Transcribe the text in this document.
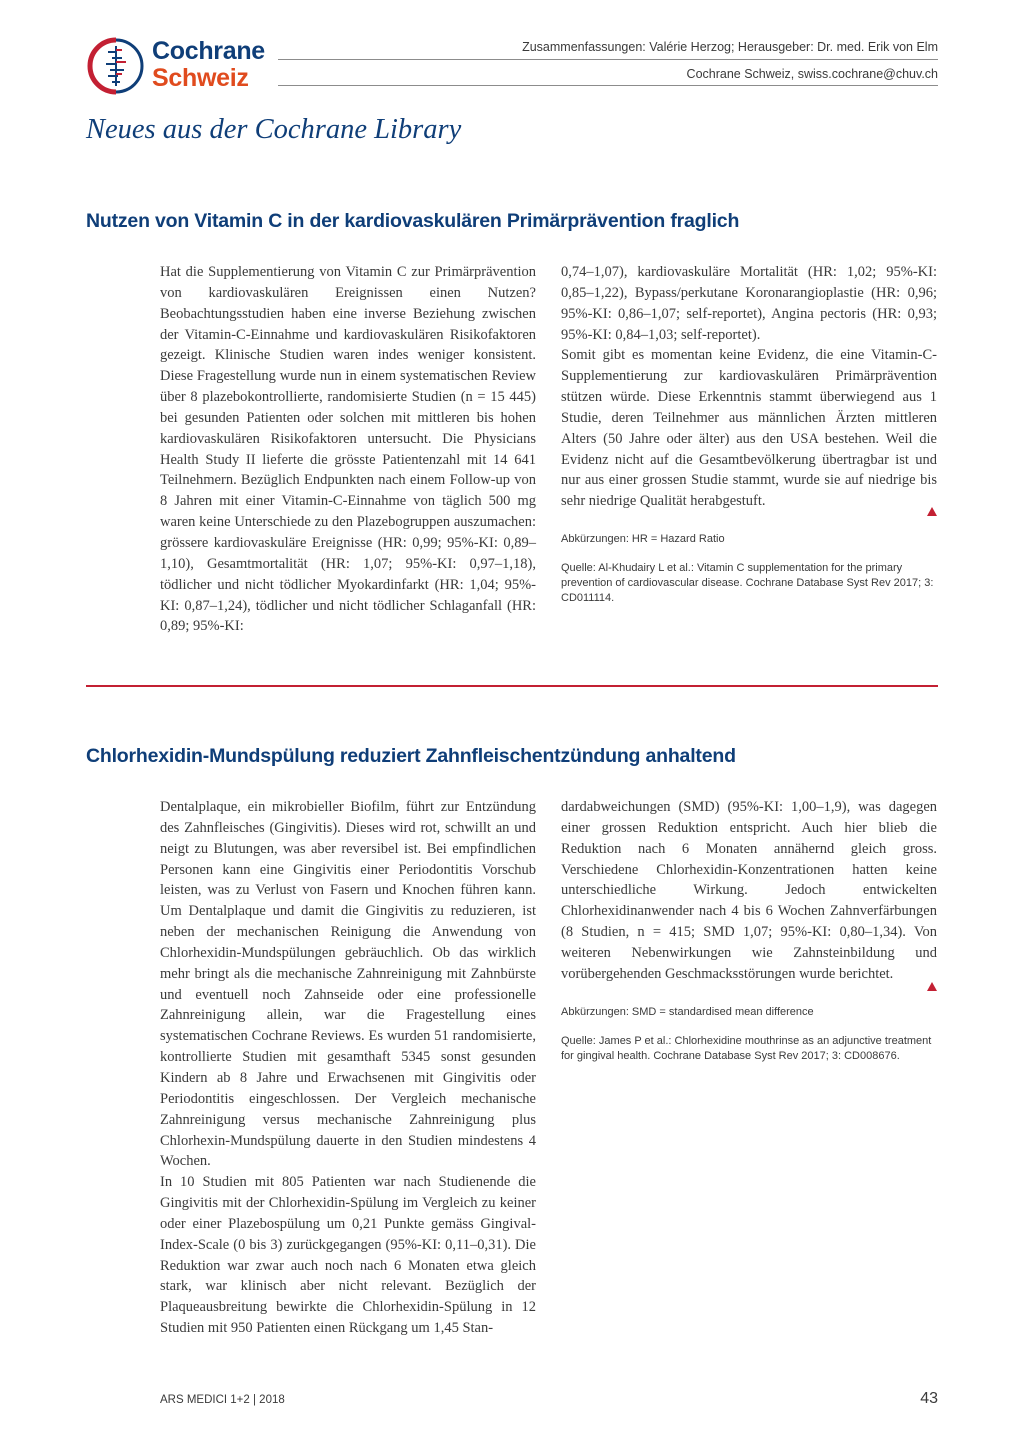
Cochrane
Schweiz
Zusammenfassungen: Valérie Herzog; Herausgeber: Dr. med. Erik von Elm
Cochrane Schweiz, swiss.cochrane@chuv.ch
Neues aus der Cochrane Library
Nutzen von Vitamin C in der kardiovaskulären Primärprävention fraglich

Hat die Supplementierung von Vitamin C zur Primärprävention von kardiovaskulären Ereignissen einen Nutzen? Beobachtungsstudien haben eine inverse Beziehung zwischen der Vitamin-C-Einnahme und kardiovaskulären Risikofaktoren gezeigt. Klinische Studien waren indes weniger konsistent. Diese Fragestellung wurde nun in einem systematischen Review über 8 plazebokontrollierte, randomisierte Studien (n = 15 445) bei gesunden Patienten oder solchen mit mittleren bis hohen kardiovaskulären Risikofaktoren untersucht. Die Physicians Health Study II lieferte die grösste Patientenzahl mit 14 641 Teilnehmern. Bezüglich Endpunkten nach einem Follow-up von 8 Jahren mit einer Vitamin-C-Einnahme von täglich 500 mg waren keine Unterschiede zu den Plazebogruppen auszumachen: grössere kardiovaskuläre Ereignisse (HR: 0,99; 95%-KI: 0,89–1,10), Gesamtmortalität (HR: 1,07; 95%-KI: 0,97–1,18), tödlicher und nicht tödlicher Myokardinfarkt (HR: 1,04; 95%-KI: 0,87–1,24), tödlicher und nicht tödlicher Schlaganfall (HR: 0,89; 95%-KI:

0,74–1,07), kardiovaskuläre Mortalität (HR: 1,02; 95%-KI: 0,85–1,22), Bypass/perkutane Koronarangioplastie (HR: 0,96; 95%-KI: 0,86–1,07; self-reportet), Angina pectoris (HR: 0,93; 95%-KI: 0,84–1,03; self-reportet).

Somit gibt es momentan keine Evidenz, die eine Vitamin-C-Supplementierung zur kardiovaskulären Primärprävention stützen würde. Diese Erkenntnis stammt überwiegend aus 1 Studie, deren Teilnehmer aus männlichen Ärzten mittleren Alters (50 Jahre oder älter) aus den USA bestehen. Weil die Evidenz nicht auf die Gesamtbevölkerung übertragbar ist und nur aus einer grossen Studie stammt, wurde sie auf niedrige bis sehr niedrige Qualität herabgestuft.

Abkürzungen: HR = Hazard Ratio

Quelle: Al-Khudairy L et al.: Vitamin C supplementation for the primary prevention of cardiovascular disease. Cochrane Database Syst Rev 2017; 3: CD011114.

Chlorhexidin-Mundspülung reduziert Zahnfleischentzündung anhaltend

Dentalplaque, ein mikrobieller Biofilm, führt zur Entzündung des Zahnfleisches (Gingivitis). Dieses wird rot, schwillt an und neigt zu Blutungen, was aber reversibel ist. Bei empfindlichen Personen kann eine Gingivitis einer Periodontitis Vorschub leisten, was zu Verlust von Fasern und Knochen führen kann. Um Dentalplaque und damit die Gingivitis zu reduzieren, ist neben der mechanischen Reinigung die Anwendung von Chlorhexidin-Mundspülungen gebräuchlich. Ob das wirklich mehr bringt als die mechanische Zahnreinigung mit Zahnbürste und eventuell noch Zahnseide oder eine professionelle Zahnreinigung allein, war die Fragestellung eines systematischen Cochrane Reviews. Es wurden 51 randomisierte, kontrollierte Studien mit gesamthaft 5345 sonst gesunden Kindern ab 8 Jahre und Erwachsenen mit Gingivitis oder Periodontitis eingeschlossen. Der Vergleich mechanische Zahnreinigung versus mechanische Zahnreinigung plus Chlorhexin-Mundspülung dauerte in den Studien mindestens 4 Wochen.

In 10 Studien mit 805 Patienten war nach Studienende die Gingivitis mit der Chlorhexidin-Spülung im Vergleich zu keiner oder einer Plazebospülung um 0,21 Punkte gemäss Gingival-Index-Scale (0 bis 3) zurückgegangen (95%-KI: 0,11–0,31). Die Reduktion war zwar auch noch nach 6 Monaten etwa gleich stark, war klinisch aber nicht relevant. Bezüglich der Plaqueausbreitung bewirkte die Chlorhexidin-Spülung in 12 Studien mit 950 Patienten einen Rückgang um 1,45 Stan-

dardabweichungen (SMD) (95%-KI: 1,00–1,9), was dagegen einer grossen Reduktion entspricht. Auch hier blieb die Reduktion nach 6 Monaten annähernd gleich gross. Verschiedene Chlorhexidin-Konzentrationen hatten keine unterschiedliche Wirkung. Jedoch entwickelten Chlorhexidinanwender nach 4 bis 6 Wochen Zahnverfärbungen (8 Studien, n = 415; SMD 1,07; 95%-KI: 0,80–1,34). Von weiteren Nebenwirkungen wie Zahnsteinbildung und vorübergehenden Geschmacksstörungen wurde berichtet.

Abkürzungen: SMD = standardised mean difference

Quelle: James P et al.: Chlorhexidine mouthrinse as an adjunctive treatment for gingival health. Cochrane Database Syst Rev 2017; 3: CD008676.

ARS MEDICI 1+2 | 2018	43
